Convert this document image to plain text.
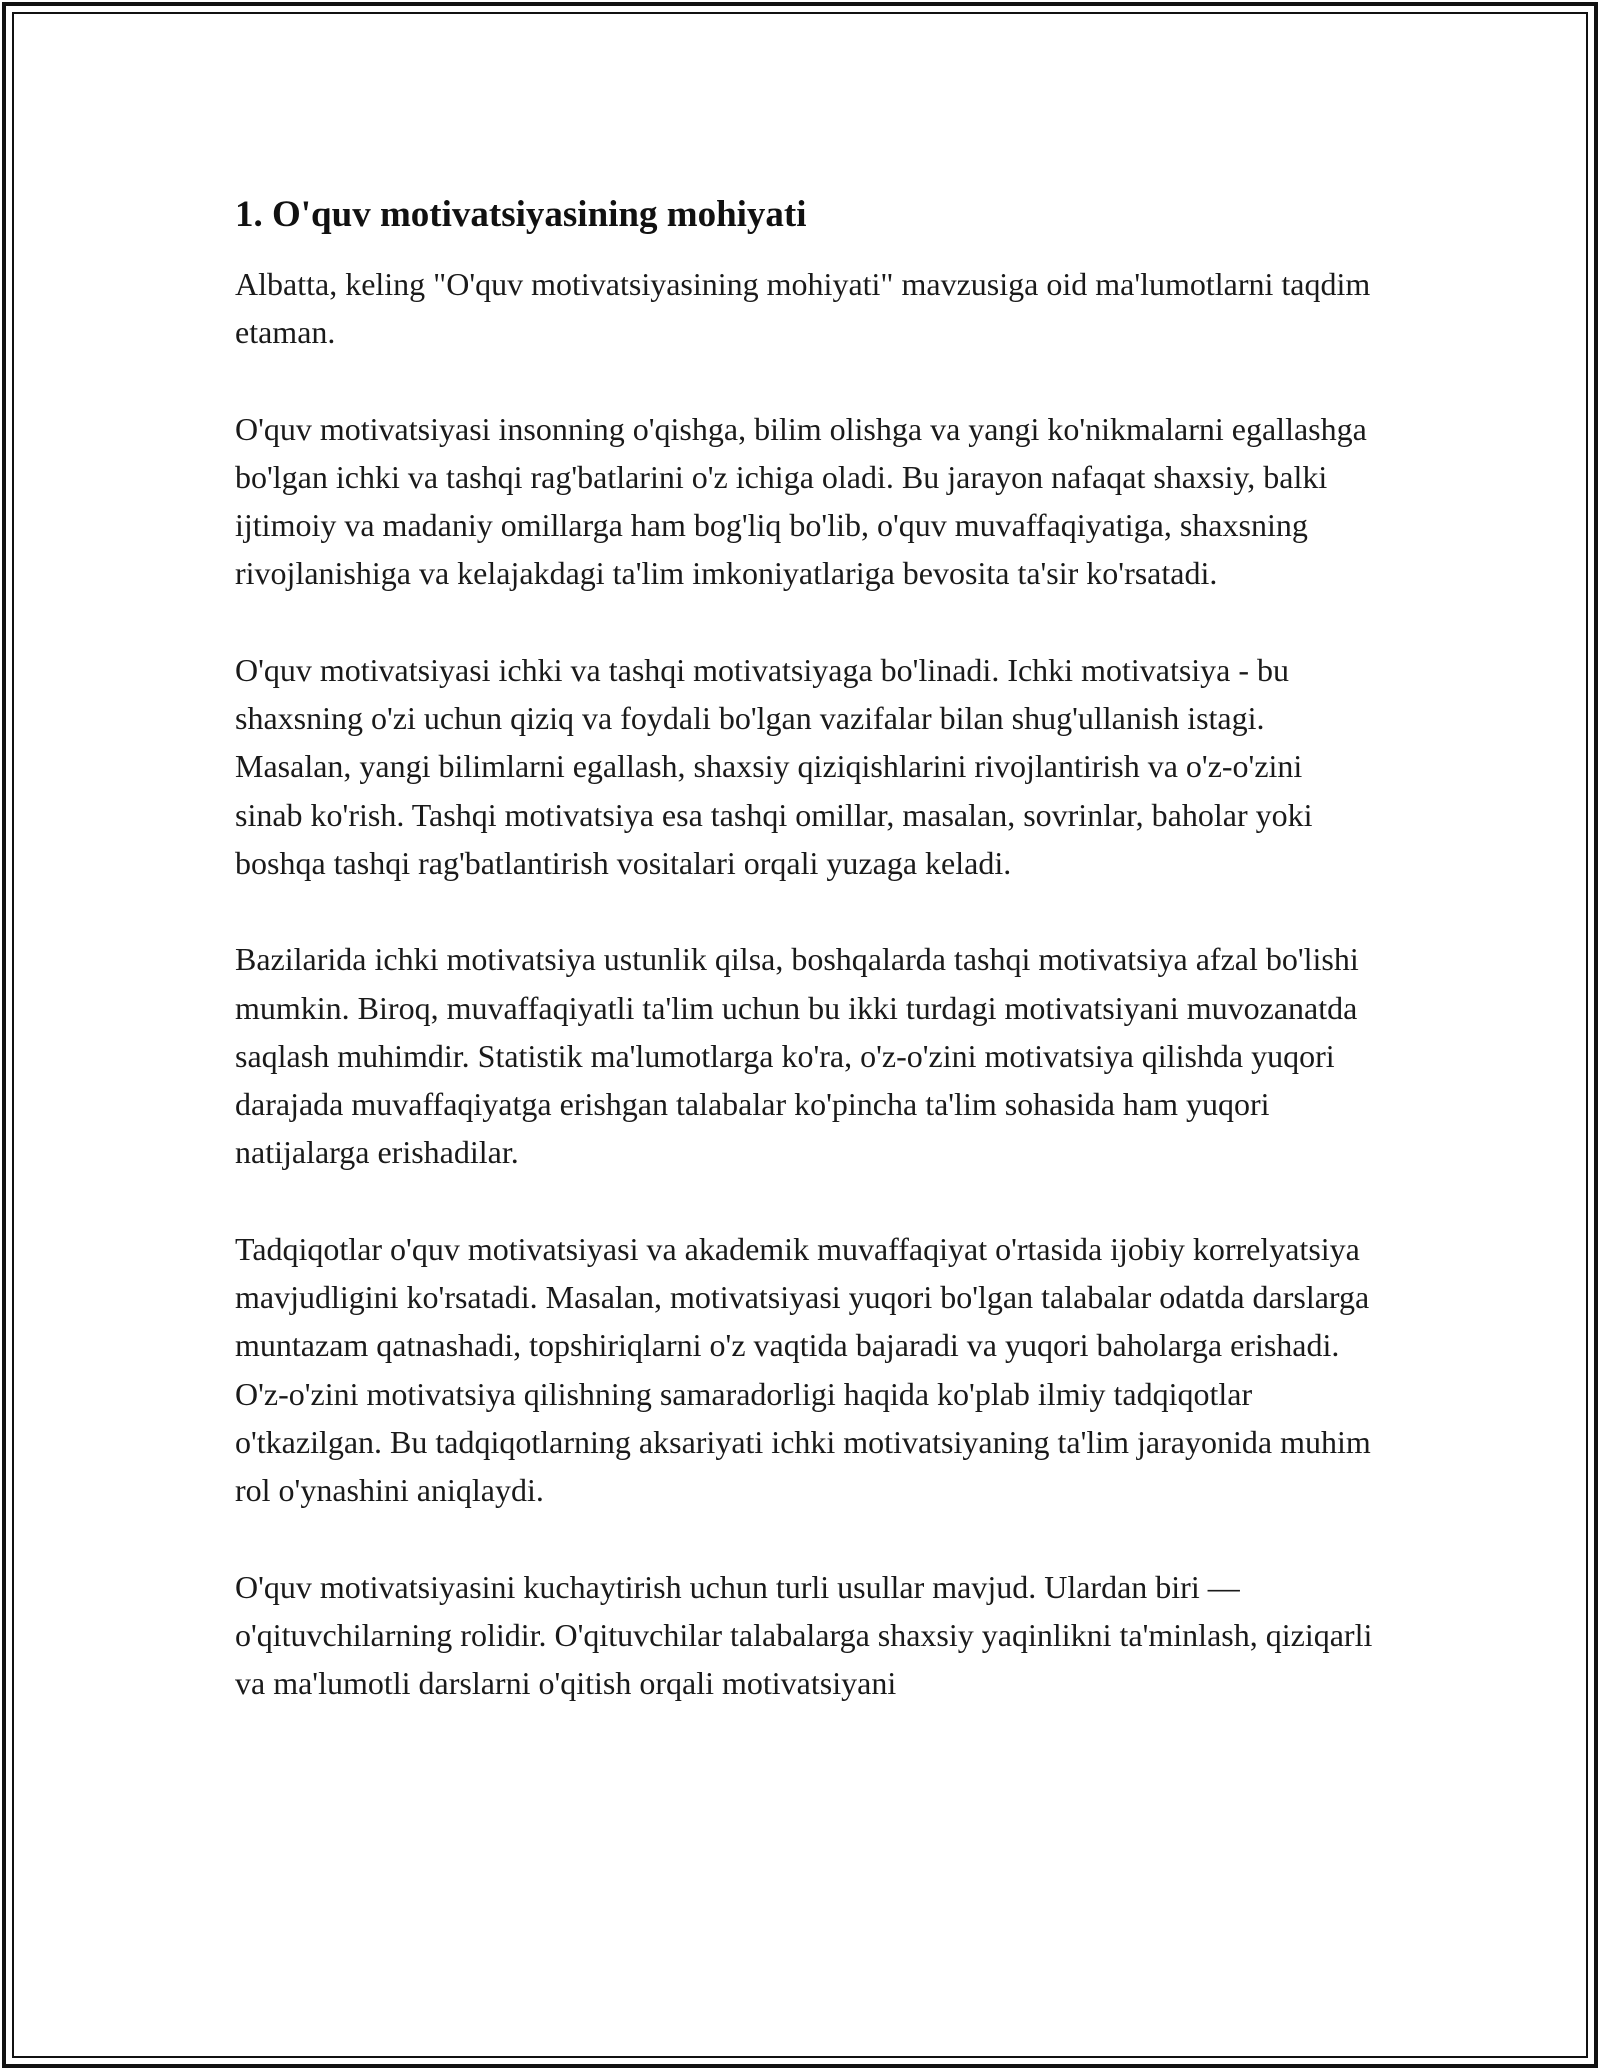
1. O'quv motivatsiyasining mohiyati

Albatta, keling "O'quv motivatsiyasining mohiyati" mavzusiga oid ma'lumotlarni taqdim etaman.

O'quv motivatsiyasi insonning o'qishga, bilim olishga va yangi ko'nikmalarni egallashga bo'lgan ichki va tashqi rag'batlarini o'z ichiga oladi. Bu jarayon nafaqat shaxsiy, balki ijtimoiy va madaniy omillarga ham bog'liq bo'lib, o'quv muvaffaqiyatiga, shaxsning rivojlanishiga va kelajakdagi ta'lim imkoniyatlariga bevosita ta'sir ko'rsatadi.

O'quv motivatsiyasi ichki va tashqi motivatsiyaga bo'linadi. Ichki motivatsiya - bu shaxsning o'zi uchun qiziq va foydali bo'lgan vazifalar bilan shug'ullanish istagi. Masalan, yangi bilimlarni egallash, shaxsiy qiziqishlarini rivojlantirish va o'z-o'zini sinab ko'rish. Tashqi motivatsiya esa tashqi omillar, masalan, sovrinlar, baholar yoki boshqa tashqi rag'batlantirish vositalari orqali yuzaga keladi.

Bazilarida ichki motivatsiya ustunlik qilsa, boshqalarda tashqi motivatsiya afzal bo'lishi mumkin. Biroq, muvaffaqiyatli ta'lim uchun bu ikki turdagi motivatsiyani muvozanatda saqlash muhimdir. Statistik ma'lumotlarga ko'ra, o'z-o'zini motivatsiya qilishda yuqori darajada muvaffaqiyatga erishgan talabalar ko'pincha ta'lim sohasida ham yuqori natijalarga erishadilar.

Tadqiqotlar o'quv motivatsiyasi va akademik muvaffaqiyat o'rtasida ijobiy korrelyatsiya mavjudligini ko'rsatadi. Masalan, motivatsiyasi yuqori bo'lgan talabalar odatda darslarga muntazam qatnashadi, topshiriqlarni o'z vaqtida bajaradi va yuqori baholarga erishadi. O'z-o'zini motivatsiya qilishning samaradorligi haqida ko'plab ilmiy tadqiqotlar o'tkazilgan. Bu tadqiqotlarning aksariyati ichki motivatsiyaning ta'lim jarayonida muhim rol o'ynashini aniqlaydi.

O'quv motivatsiyasini kuchaytirish uchun turli usullar mavjud. Ulardan biri — o'qituvchilarning rolidir. O'qituvchilar talabalarga shaxsiy yaqinlikni ta'minlash, qiziqarli va ma'lumotli darslarni o'qitish orqali motivatsiyani
